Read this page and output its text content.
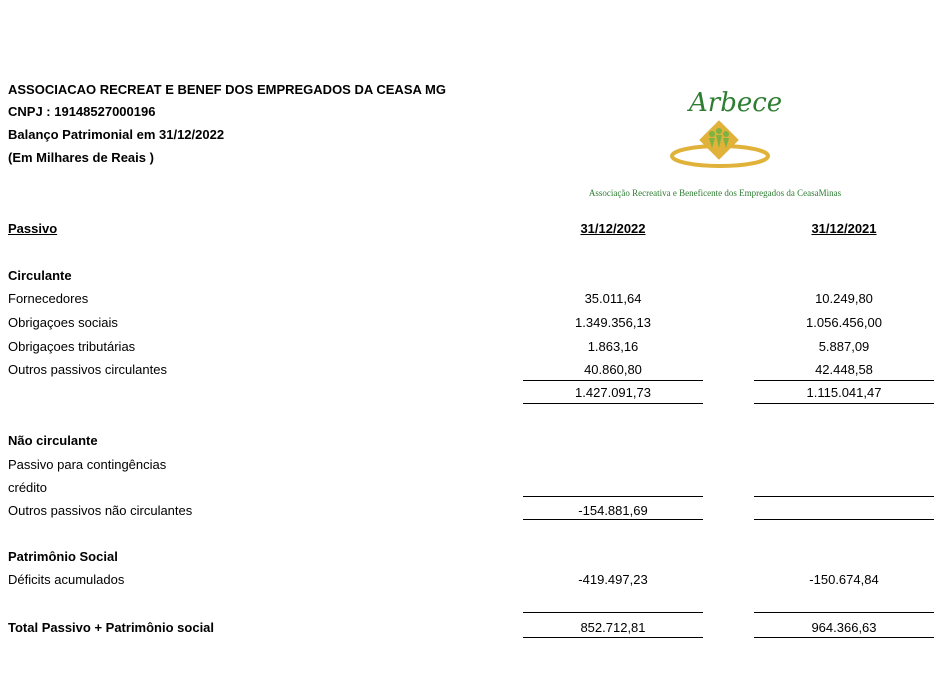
ASSOCIACAO RECREAT E BENEF DOS EMPREGADOS DA CEASA MG
CNPJ : 19148527000196
Balanço Patrimonial em 31/12/2022
(Em Milhares de Reais )
Arbece
Associação Recreativa e Beneficente dos Empregados da CeasaMinas
Passivo	31/12/2022	31/12/2021
Circulante
Fornecedores	35.011,64	10.249,80
Obrigaçoes sociais	1.349.356,13	1.056.456,00
Obrigaçoes tributárias	1.863,16	5.887,09
Outros passivos circulantes	40.860,80	42.448,58
1.427.091,73	1.115.041,47
Não circulante
Passivo para contingências
crédito
Outros passivos não circulantes	-154.881,69
Patrimônio Social
Déficits acumulados	-419.497,23	-150.674,84
Total Passivo + Patrimônio social	852.712,81	964.366,63
